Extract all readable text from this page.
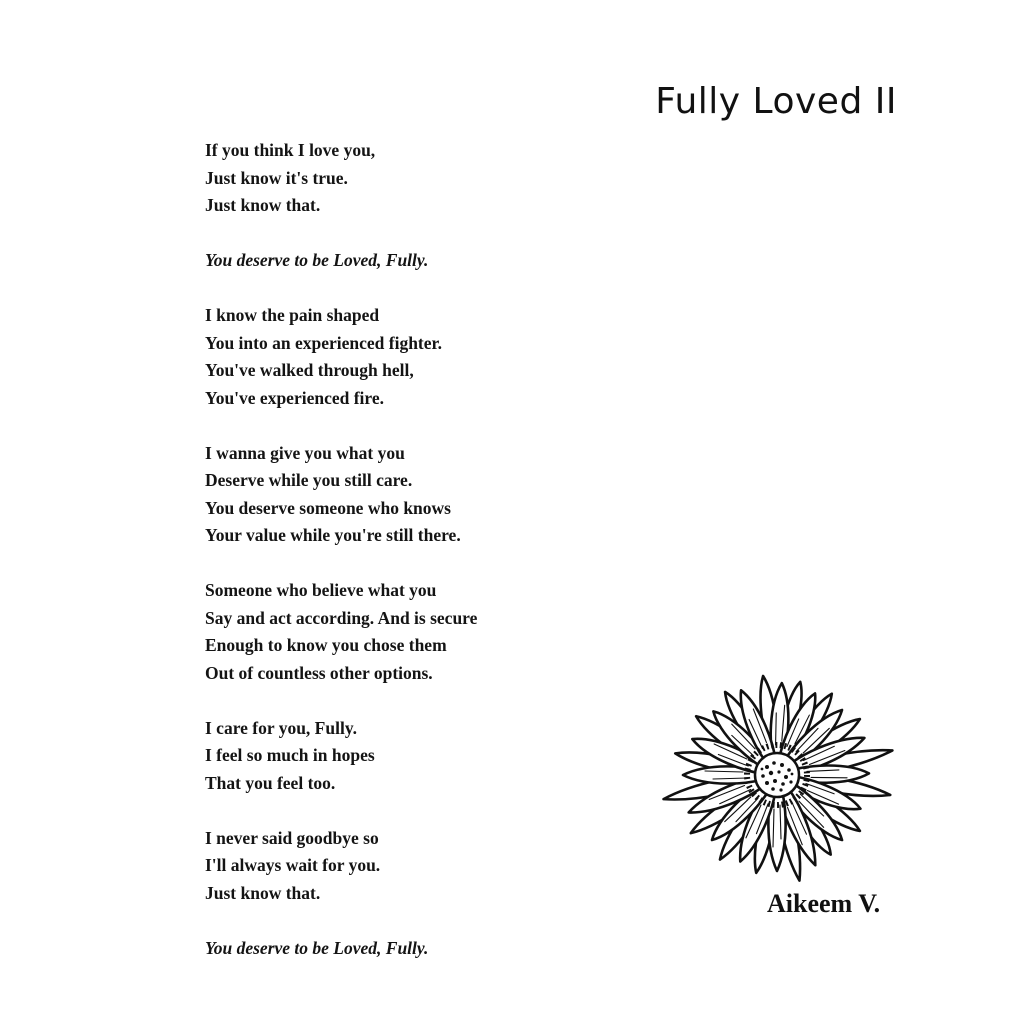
Fully Loved II
If you think I love you,
Just know it's true.
Just know that.
You deserve to be Loved, Fully.
I know the pain shaped
You into an experienced fighter.
You've walked through hell,
You've experienced fire.
I wanna give you what you
Deserve while you still care.
You deserve someone who knows
Your value while you're still there.
Someone who believe what you
Say and act according. And is secure
Enough to know you chose them
Out of countless other options.
I care for you, Fully.
I feel so much in hopes
That you feel too.
I never said goodbye so
I'll always wait for you.
Just know that.
You deserve to be Loved, Fully.
Aikeem V.
